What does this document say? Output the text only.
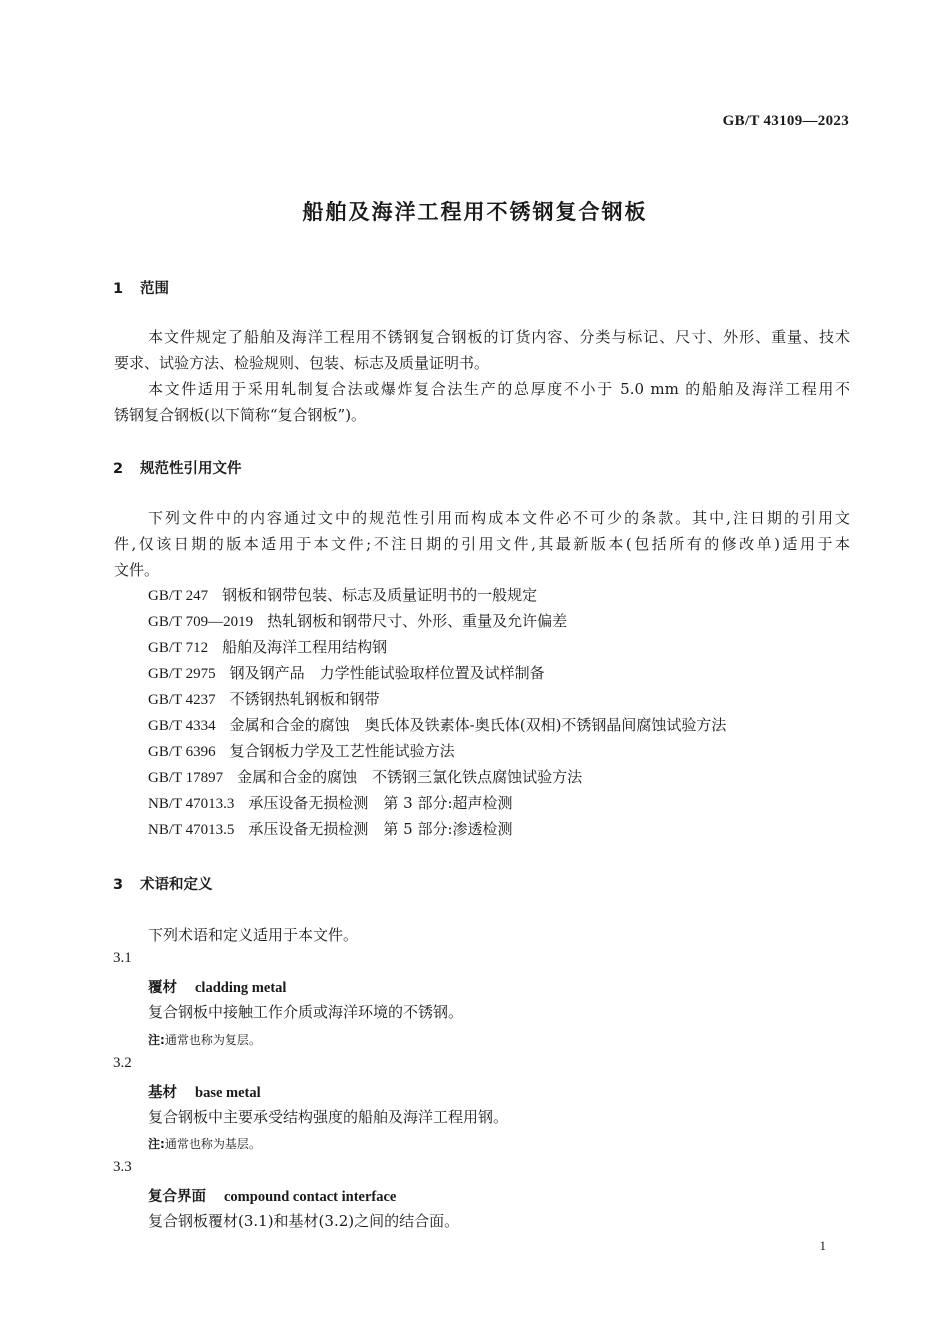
GB/T 43109—2023
船舶及海洋工程用不锈钢复合钢板
1 范围
本文件规定了船舶及海洋工程用不锈钢复合钢板的订货内容、分类与标记、尺寸、外形、重量、技术
要求、试验方法、检验规则、包装、标志及质量证明书。
本文件适用于采用轧制复合法或爆炸复合法生产的总厚度不小于 5.0 mm 的船舶及海洋工程用不
锈钢复合钢板(以下简称“复合钢板”)。
2 规范性引用文件
下列文件中的内容通过文中的规范性引用而构成本文件必不可少的条款。其中,注日期的引用文
件,仅该日期的版本适用于本文件;不注日期的引用文件,其最新版本(包括所有的修改单)适用于本
文件。
GB/T 247 钢板和钢带包装、标志及质量证明书的一般规定
GB/T 709—2019 热轧钢板和钢带尺寸、外形、重量及允许偏差
GB/T 712 船舶及海洋工程用结构钢
GB/T 2975 钢及钢产品　力学性能试验取样位置及试样制备
GB/T 4237 不锈钢热轧钢板和钢带
GB/T 4334 金属和合金的腐蚀　奥氏体及铁素体-奥氏体(双相)不锈钢晶间腐蚀试验方法
GB/T 6396 复合钢板力学及工艺性能试验方法
GB/T 17897 金属和合金的腐蚀　不锈钢三氯化铁点腐蚀试验方法
NB/T 47013.3 承压设备无损检测　第 3 部分:超声检测
NB/T 47013.5 承压设备无损检测　第 5 部分:渗透检测
3 术语和定义
下列术语和定义适用于本文件。
3.1
覆材 cladding metal
复合钢板中接触工作介质或海洋环境的不锈钢。
注:通常也称为复层。
3.2
基材 base metal
复合钢板中主要承受结构强度的船舶及海洋工程用钢。
注:通常也称为基层。
3.3
复合界面 compound contact interface
复合钢板覆材(3.1)和基材(3.2)之间的结合面。
1
